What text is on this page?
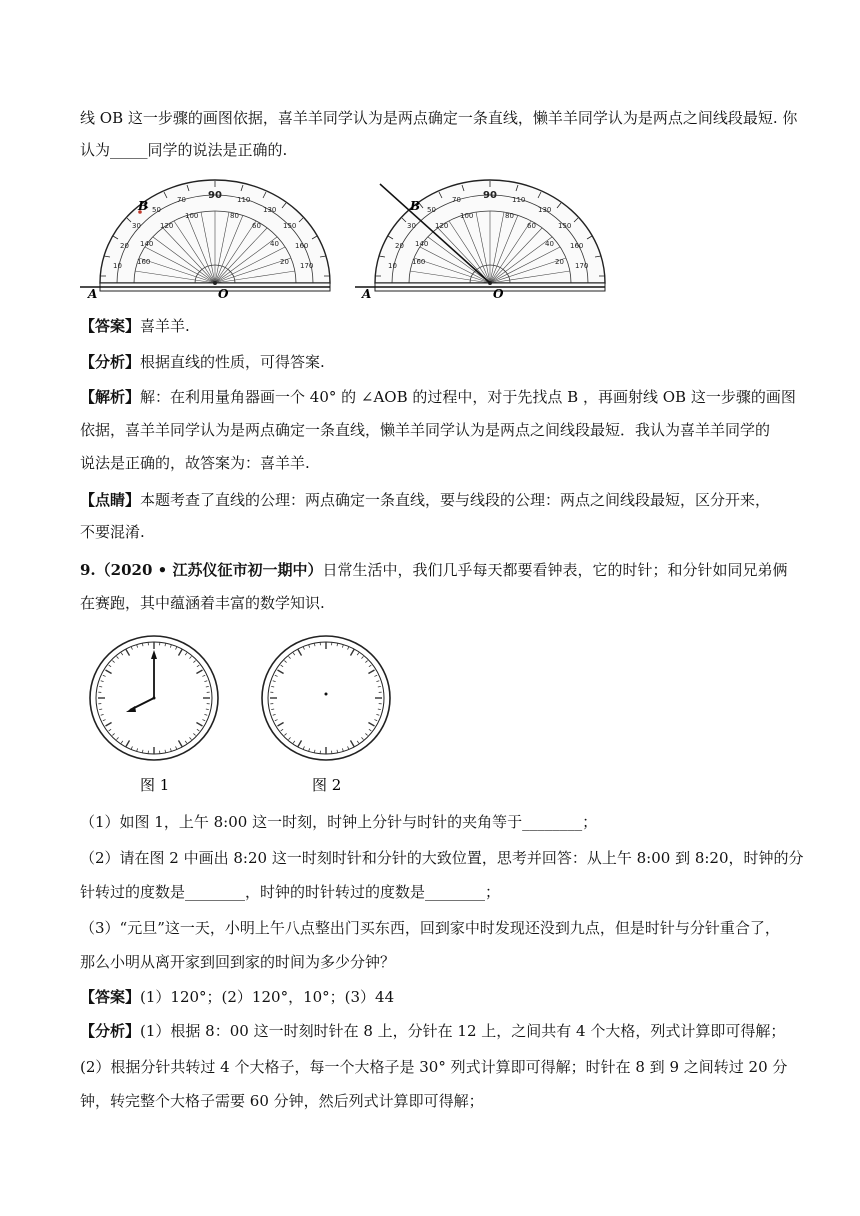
线 OB 这一步骤的画图依据，喜羊羊同学认为是两点确定一条直线，懒羊羊同学认为是两点之间线段最短. 你
认为_____同学的说法是正确的.
B
A	O
B
A	O
【答案】喜羊羊.
【分析】根据直线的性质，可得答案.
【解析】解：在利用量角器画一个 40° 的 ∠AOB 的过程中，对于先找点 B ，再画射线 OB 这一步骤的画图
依据，喜羊羊同学认为是两点确定一条直线，懒羊羊同学认为是两点之间线段最短．我认为喜羊羊同学的
说法是正确的，故答案为：喜羊羊.
【点睛】本题考查了直线的公理：两点确定一条直线，要与线段的公理：两点之间线段最短，区分开来，
不要混淆.
9.（2020 • 江苏仪征市初一期中）日常生活中，我们几乎每天都要看钟表，它的时针；和分针如同兄弟俩
在赛跑，其中蕴涵着丰富的数学知识.
图 1	图 2
（1）如图 1，上午 8:00 这一时刻，时钟上分针与时针的夹角等于________；
（2）请在图 2 中画出 8:20 这一时刻时针和分针的大致位置，思考并回答：从上午 8:00 到 8:20，时钟的分
针转过的度数是________，时钟的时针转过的度数是________；
（3）“元旦”这一天，小明上午八点整出门买东西，回到家中时发现还没到九点，但是时针与分针重合了，
那么小明从离开家到回到家的时间为多少分钟？
【答案】(1）120°；(2）120°，10°；(3）44
【分析】(1）根据 8：00 这一时刻时针在 8 上，分针在 12 上，之间共有 4 个大格，列式计算即可得解；
(2）根据分针共转过 4 个大格子，每一个大格子是 30° 列式计算即可得解；时针在 8 到 9 之间转过 20 分
钟，转完整个大格子需要 60 分钟，然后列式计算即可得解；
